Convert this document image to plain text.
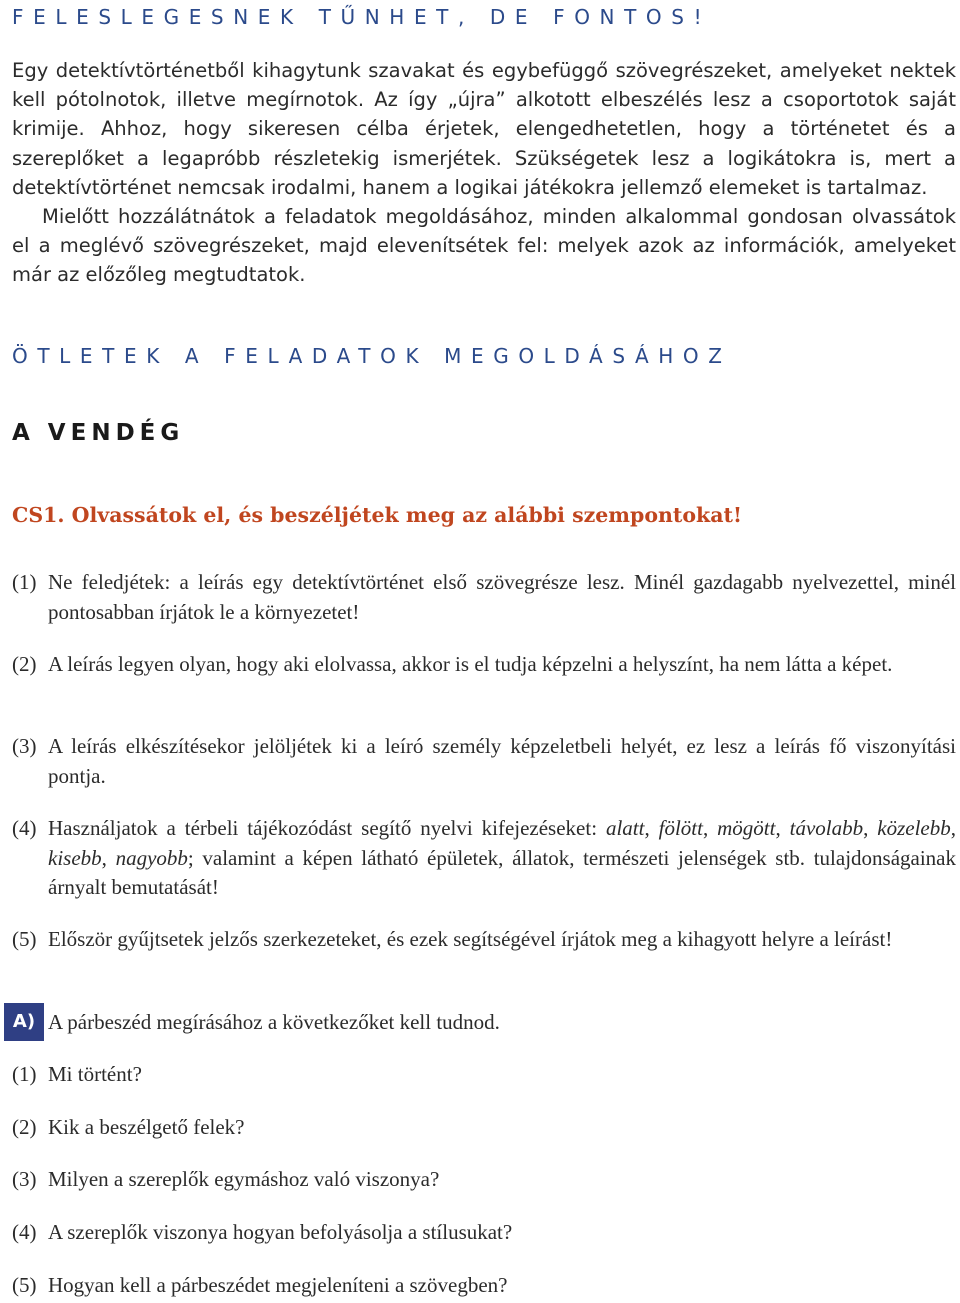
FELESLEGESNEK TŰNHET, DE FONTOS!

Egy detektívtörténetből kihagytunk szavakat és egybefüggő szövegrészeket, amelyeket nektek kell pótolnotok, illetve megírnotok. Az így „újra” alkotott elbeszélés lesz a csoportotok saját krimije. Ahhoz, hogy sikeresen célba érjetek, elengedhetetlen, hogy a történetet és a szereplőket a legapróbb részletekig ismerjétek. Szükségetek lesz a logikátokra is, mert a detektívtörténet nemcsak irodalmi, hanem a logikai játékokra jellemző elemeket is tartalmaz.

Mielőtt hozzálátnátok a feladatok megoldásához, minden alkalommal gondosan olvassátok el a meglévő szövegrészeket, majd elevenítsétek fel: melyek azok az információk, amelyeket már az előzőleg megtudtatok.

ÖTLETEK A FELADATOK MEGOLDÁSÁHOZ
A VENDÉG
CS1. Olvassátok el, és beszéljétek meg az alábbi szempontokat!
(1) Ne feledjétek: a leírás egy detektívtörténet első szövegrésze lesz. Minél gazdagabb nyelvezettel, minél pontosabban írjátok le a környezetet!
(2) A leírás legyen olyan, hogy aki elolvassa, akkor is el tudja képzelni a helyszínt, ha nem látta a képet.
(3) A leírás elkészítésekor jelöljétek ki a leíró személy képzeletbeli helyét, ez lesz a leírás fő viszonyítási pontja.
(4) Használjatok a térbeli tájékozódást segítő nyelvi kifejezéseket: alatt, fölött, mögött, távolabb, közelebb, kisebb, nagyobb; valamint a képen látható épületek, állatok, természeti jelenségek stb. tulajdonságainak árnyalt bemutatását!
(5) Először gyűjtsetek jelzős szerkezeteket, és ezek segítségével írjátok meg a kihagyott helyre a leírást!
A) A párbeszéd megírásához a következőket kell tudnod.
(1) Mi történt?
(2) Kik a beszélgető felek?
(3) Milyen a szereplők egymáshoz való viszonya?
(4) A szereplők viszonya hogyan befolyásolja a stílusukat?
(5) Hogyan kell a párbeszédet megjeleníteni a szövegben?
